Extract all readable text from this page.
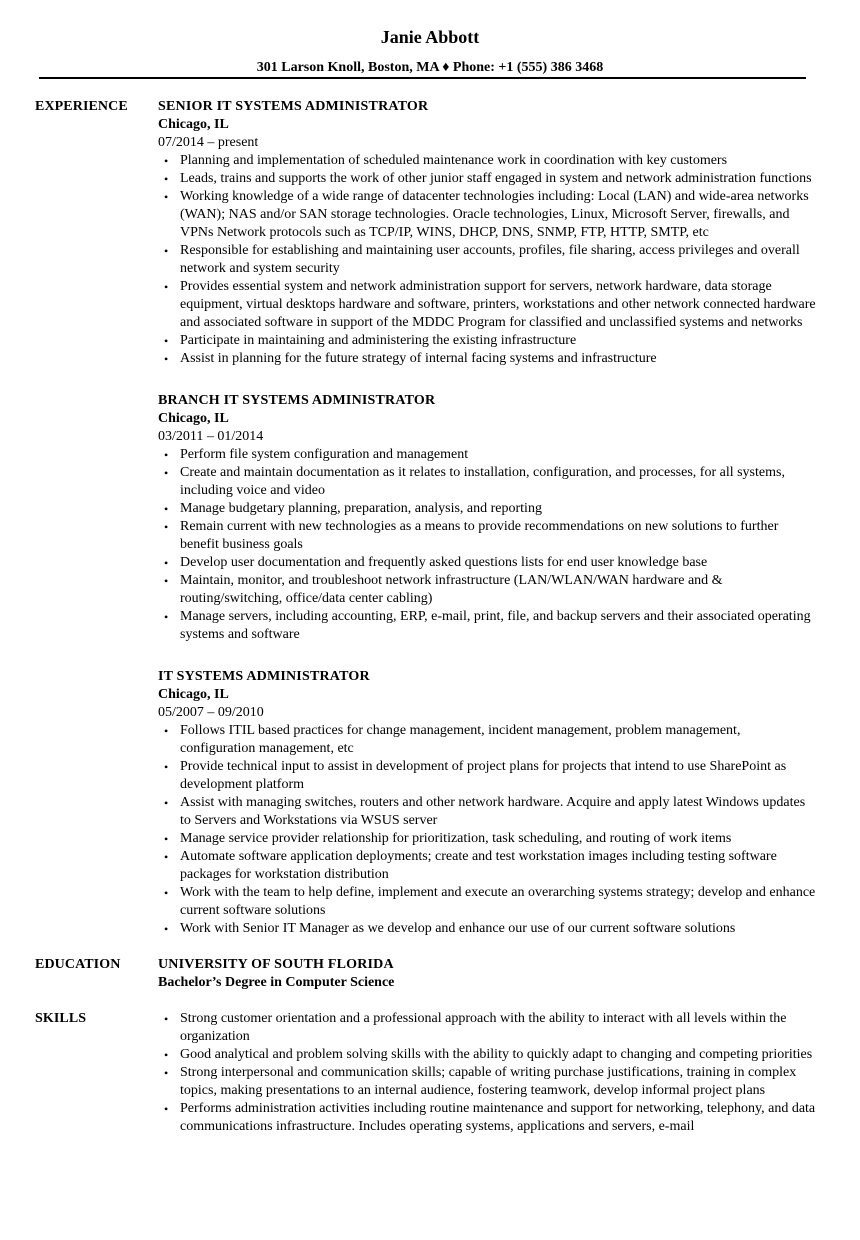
Janie Abbott
301 Larson Knoll, Boston, MA ♦ Phone: +1 (555) 386 3468
EXPERIENCE SENIOR IT SYSTEMS ADMINISTRATOR
Chicago, IL
07/2014 – present
• Planning and implementation of scheduled maintenance work in coordination with key customers
• Leads, trains and supports the work of other junior staff engaged in system and network administration functions
• Working knowledge of a wide range of datacenter technologies including: Local (LAN) and wide-area networks (WAN); NAS and/or SAN storage technologies. Oracle technologies, Linux, Microsoft Server, firewalls, and VPNs Network protocols such as TCP/IP, WINS, DHCP, DNS, SNMP, FTP, HTTP, SMTP, etc
• Responsible for establishing and maintaining user accounts, profiles, file sharing, access privileges and overall network and system security
• Provides essential system and network administration support for servers, network hardware, data storage equipment, virtual desktops hardware and software, printers, workstations and other network connected hardware and associated software in support of the MDDC Program for classified and unclassified systems and networks
• Participate in maintaining and administering the existing infrastructure
• Assist in planning for the future strategy of internal facing systems and infrastructure
BRANCH IT SYSTEMS ADMINISTRATOR
Chicago, IL
03/2011 – 01/2014
• Perform file system configuration and management
• Create and maintain documentation as it relates to installation, configuration, and processes, for all systems, including voice and video
• Manage budgetary planning, preparation, analysis, and reporting
• Remain current with new technologies as a means to provide recommendations on new solutions to further benefit business goals
• Develop user documentation and frequently asked questions lists for end user knowledge base
• Maintain, monitor, and troubleshoot network infrastructure (LAN/WLAN/WAN hardware and & routing/switching, office/data center cabling)
• Manage servers, including accounting, ERP, e-mail, print, file, and backup servers and their associated operating systems and software
IT SYSTEMS ADMINISTRATOR
Chicago, IL
05/2007 – 09/2010
• Follows ITIL based practices for change management, incident management, problem management, configuration management, etc
• Provide technical input to assist in development of project plans for projects that intend to use SharePoint as development platform
• Assist with managing switches, routers and other network hardware. Acquire and apply latest Windows updates to Servers and Workstations via WSUS server
• Manage service provider relationship for prioritization, task scheduling, and routing of work items
• Automate software application deployments; create and test workstation images including testing software packages for workstation distribution
• Work with the team to help define, implement and execute an overarching systems strategy; develop and enhance current software solutions
• Work with Senior IT Manager as we develop and enhance our use of our current software solutions
EDUCATION	UNIVERSITY OF SOUTH FLORIDA
Bachelor’s Degree in Computer Science
SKILLS	• Strong customer orientation and a professional approach with the ability to interact with all levels within the organization
• Good analytical and problem solving skills with the ability to quickly adapt to changing and competing priorities
• Strong interpersonal and communication skills; capable of writing purchase justifications, training in complex topics, making presentations to an internal audience, fostering teamwork, develop informal project plans
• Performs administration activities including routine maintenance and support for networking, telephony, and data communications infrastructure. Includes operating systems, applications and servers, e-mail
